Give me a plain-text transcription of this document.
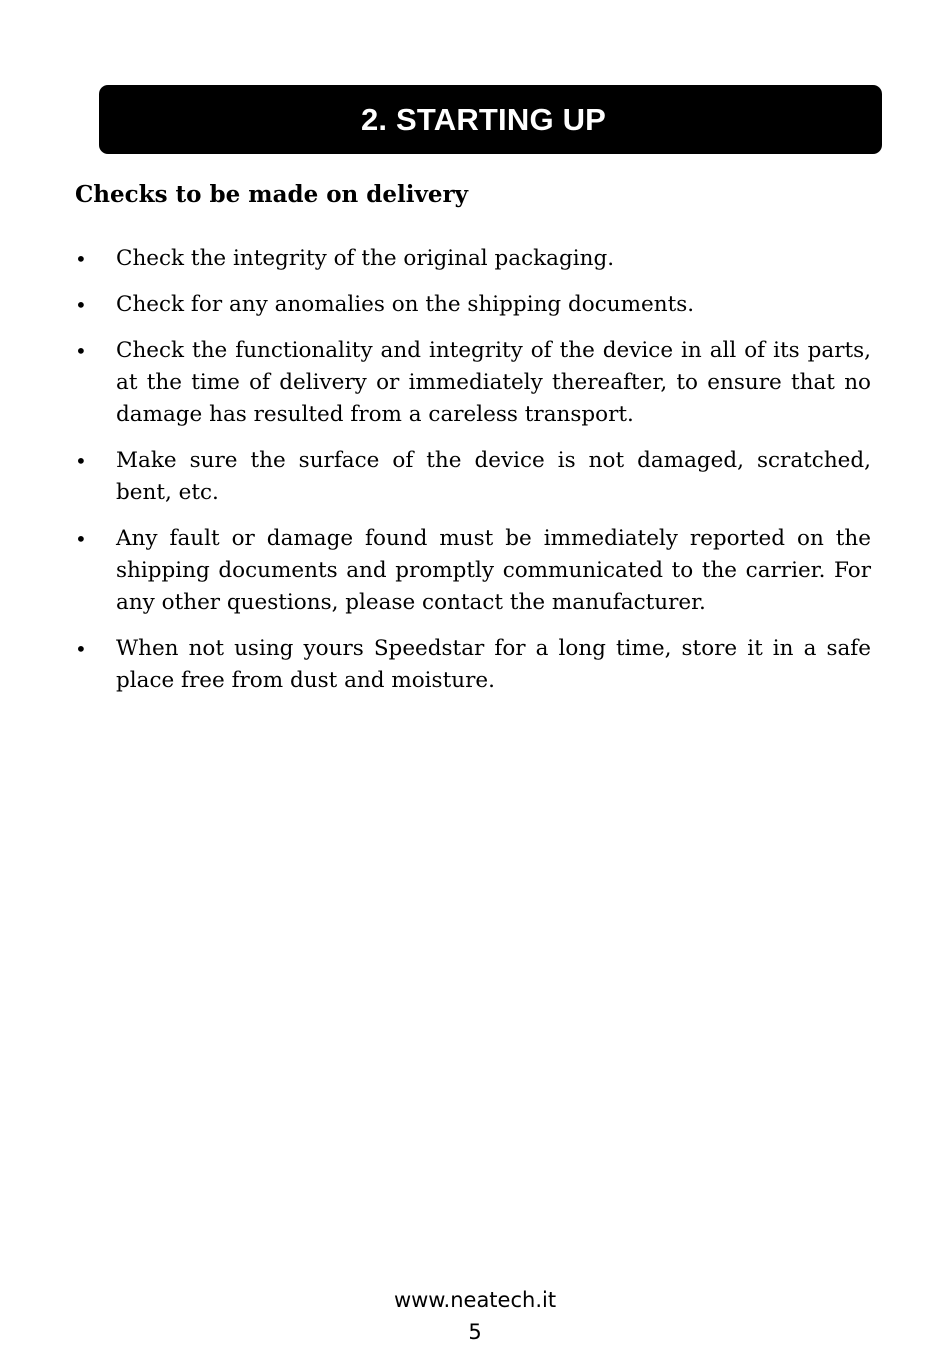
2. STARTING UP
Checks to be made on delivery
•	Check the integrity of the original packaging.
•	Check for any anomalies on the shipping documents.
•	Check the functionality and integrity of the device in all of its parts, at the time of delivery or immediately thereafter, to ensure that no damage has resulted from a careless transport.
•	Make sure the surface of the device is not damaged, scratched, bent, etc.
•	Any fault or damage found must be immediately reported on the shipping documents and promptly communicated to the carrier. For any other questions, please contact the manufacturer.
•	When not using yours Speedstar for a long time, store it in a safe place free from dust and moisture.
www.neatech.it
5
